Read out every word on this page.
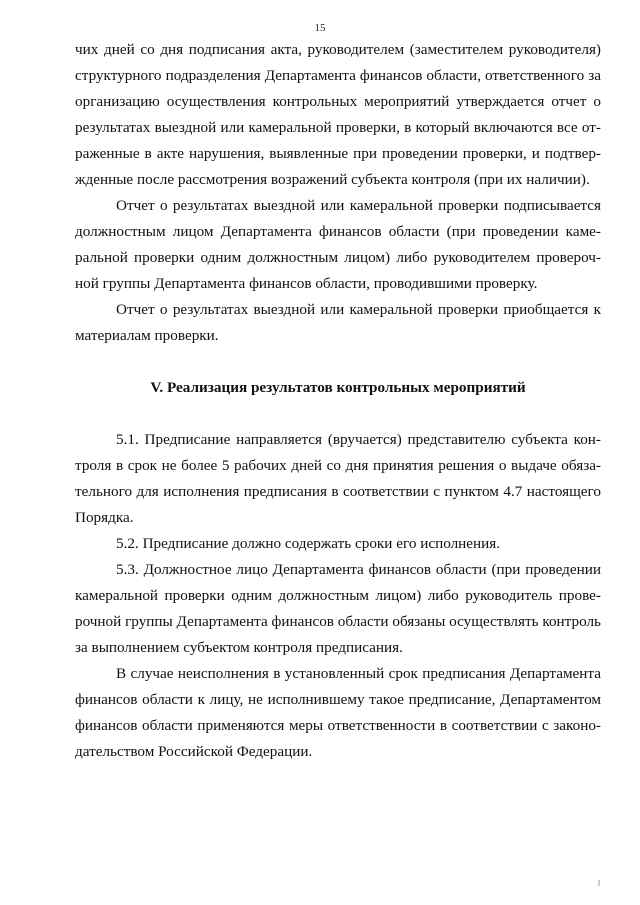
15

чих дней со дня подписания акта, руководителем (заместителем руководителя)
структурного подразделения Департамента финансов области, ответственного за
организацию осуществления контрольных мероприятий утверждается отчет о
результатах выездной или камеральной проверки, в который включаются все от-
раженные в акте нарушения, выявленные при проведении проверки, и подтвер-
жденные после рассмотрения возражений субъекта контроля (при их наличии).

Отчет о результатах выездной или камеральной проверки подписывается
должностным лицом Департамента финансов области (при проведении каме-
ральной проверки одним должностным лицом) либо руководителем провероч-
ной группы Департамента финансов области, проводившими проверку.

Отчет о результатах выездной или камеральной проверки приобщается к
материалам проверки.

V. Реализация результатов контрольных мероприятий

5.1. Предписание направляется (вручается) представителю субъекта кон-
троля в срок не более 5 рабочих дней со дня принятия решения о выдаче обяза-
тельного для исполнения предписания в соответствии с пунктом 4.7 настоящего
Порядка.

5.2. Предписание должно содержать сроки его исполнения.

5.3. Должностное лицо Департамента финансов области (при проведении
камеральной проверки одним должностным лицом) либо руководитель прове-
рочной группы Департамента финансов области обязаны осуществлять контроль
за выполнением субъектом контроля предписания.

В случае неисполнения в установленный срок предписания Департамента
финансов области к лицу, не исполнившему такое предписание, Департаментом
финансов области применяются меры ответственности в соответствии с законо-
дательством Российской Федерации.
